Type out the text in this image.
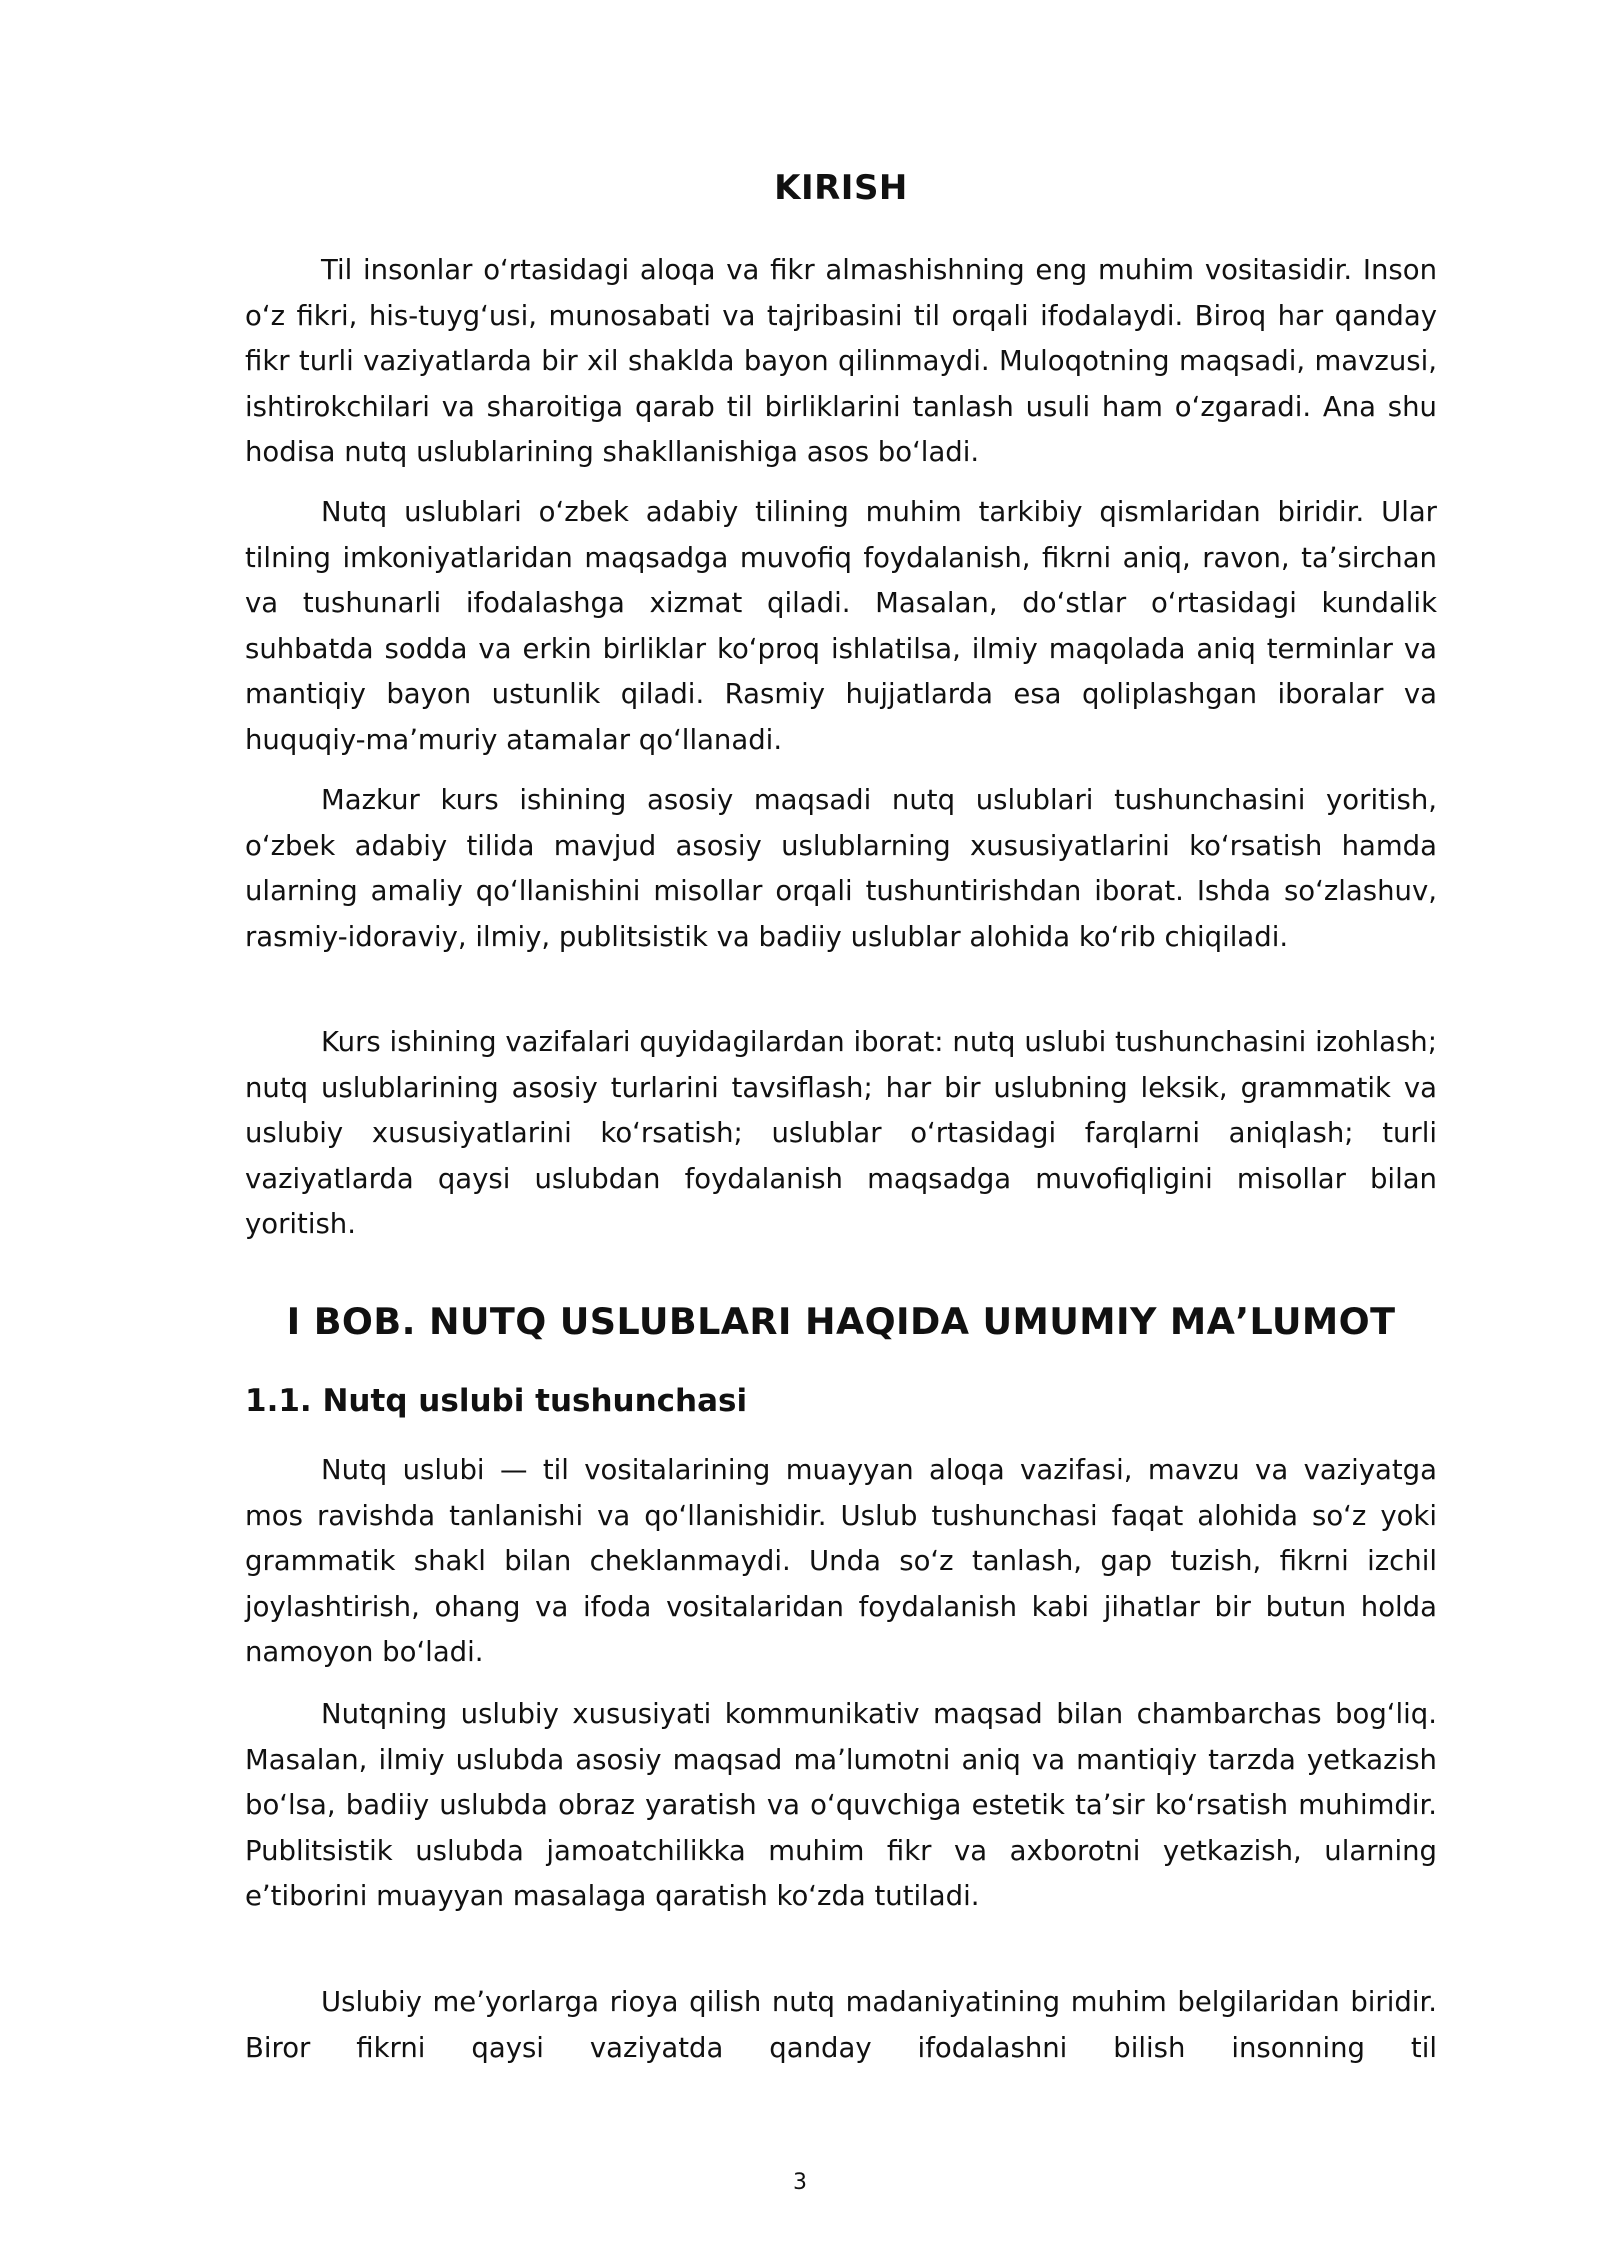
KIRISH

Til insonlar oʻrtasidagi aloqa va fikr almashishning eng muhim vositasidir. Inson oʻz fikri, his-tuygʻusi, munosabati va tajribasini til orqali ifodalaydi. Biroq har qanday fikr turli vaziyatlarda bir xil shaklda bayon qilinmaydi. Muloqotning maqsadi, mavzusi, ishtirokchilari va sharoitiga qarab til birliklarini tanlash usuli ham oʻzgaradi. Ana shu hodisa nutq uslublarining shakllanishiga asos boʻladi.

Nutq uslublari oʻzbek adabiy tilining muhim tarkibiy qismlaridan biridir. Ular tilning imkoniyatlaridan maqsadga muvofiq foydalanish, fikrni aniq, ravon, taʼsirchan va tushunarli ifodalashga xizmat qiladi. Masalan, doʻstlar oʻrtasidagi kundalik suhbatda sodda va erkin birliklar koʻproq ishlatilsa, ilmiy maqolada aniq terminlar va mantiqiy bayon ustunlik qiladi. Rasmiy hujjatlarda esa qoliplashgan iboralar va huquqiy-maʼmuriy atamalar qoʻllanadi.

Mazkur kurs ishining asosiy maqsadi nutq uslublari tushunchasini yoritish, oʻzbek adabiy tilida mavjud asosiy uslublarning xususiyatlarini koʻrsatish hamda ularning amaliy qoʻllanishini misollar orqali tushuntirishdan iborat. Ishda soʻzlashuv, rasmiy-idoraviy, ilmiy, publitsistik va badiiy uslublar alohida koʻrib chiqiladi.

Kurs ishining vazifalari quyidagilardan iborat: nutq uslubi tushunchasini izohlash; nutq uslublarining asosiy turlarini tavsiflash; har bir uslubning leksik, grammatik va uslubiy xususiyatlarini koʻrsatish; uslublar oʻrtasidagi farqlarni aniqlash; turli vaziyatlarda qaysi uslubdan foydalanish maqsadga muvofiqligini misollar bilan yoritish.

I BOB. NUTQ USLUBLARI HAQIDA UMUMIY MAʼLUMOT
1.1. Nutq uslubi tushunchasi

Nutq uslubi — til vositalarining muayyan aloqa vazifasi, mavzu va vaziyatga mos ravishda tanlanishi va qoʻllanishidir. Uslub tushunchasi faqat alohida soʻz yoki grammatik shakl bilan cheklanmaydi. Unda soʻz tanlash, gap tuzish, fikrni izchil joylashtirish, ohang va ifoda vositalaridan foydalanish kabi jihatlar bir butun holda namoyon boʻladi.

Nutqning uslubiy xususiyati kommunikativ maqsad bilan chambarchas bogʻliq. Masalan, ilmiy uslubda asosiy maqsad maʼlumotni aniq va mantiqiy tarzda yetkazish boʻlsa, badiiy uslubda obraz yaratish va oʻquvchiga estetik taʼsir koʻrsatish muhimdir. Publitsistik uslubda jamoatchilikka muhim fikr va axborotni yetkazish, ularning eʼtiborini muayyan masalaga qaratish koʻzda tutiladi.

Uslubiy meʼyorlarga rioya qilish nutq madaniyatining muhim belgilaridan biridir. Biror fikrni qaysi vaziyatda qanday ifodalashni bilish insonning til

3
